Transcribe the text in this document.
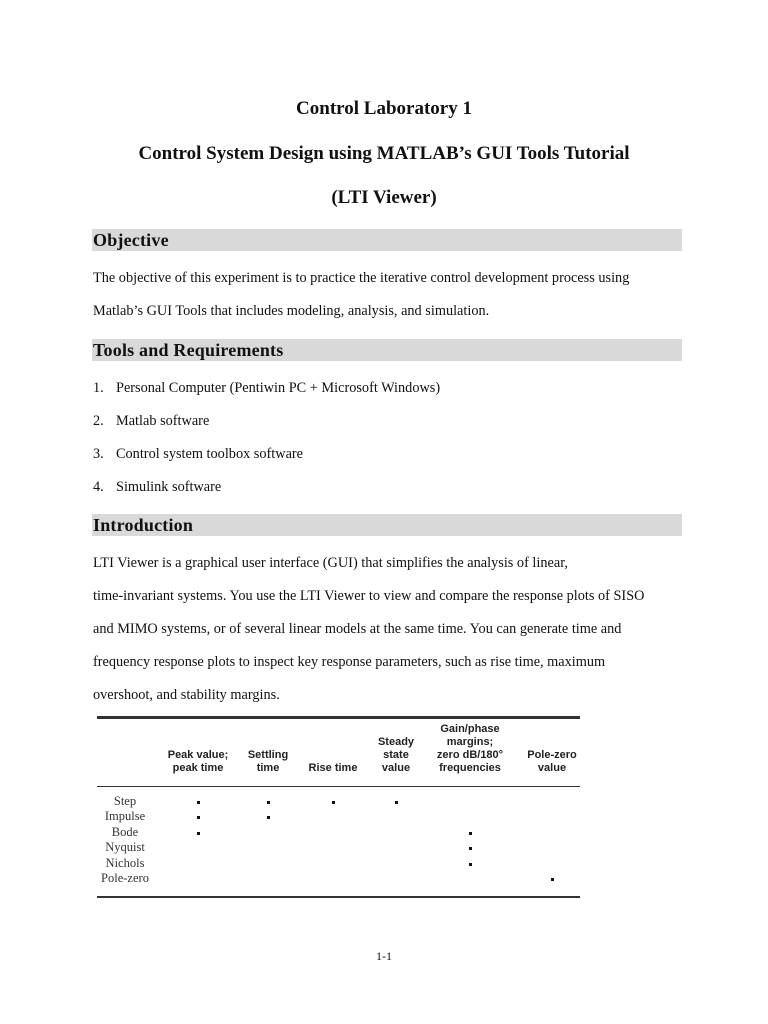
Control Laboratory 1
Control System Design using MATLAB’s GUI Tools Tutorial
(LTI Viewer)
Objective

The objective of this experiment is to practice the iterative control development process using

Matlab’s GUI Tools that includes modeling, analysis, and simulation.

Tools and Requirements
1. Personal Computer (Pentiwin PC + Microsoft Windows)
2. Matlab software
3. Control system toolbox software
4. Simulink software
Introduction

LTI Viewer is a graphical user interface (GUI) that simplifies the analysis of linear,

time-invariant systems. You use the LTI Viewer to view and compare the response plots of SISO

and MIMO systems, or of several linear models at the same time. You can generate time and

frequency response plots to inspect key response parameters, such as rise time, maximum

overshoot, and stability margins.

Peak value;
peak time
Settling
time	Rise time
Steady
state
value
Gain/phase
margins;
zero dB/180°
frequencies
Pole-zero
value
Step
Impulse
Bode
Nyquist
Nichols
Pole-zero
1-1
